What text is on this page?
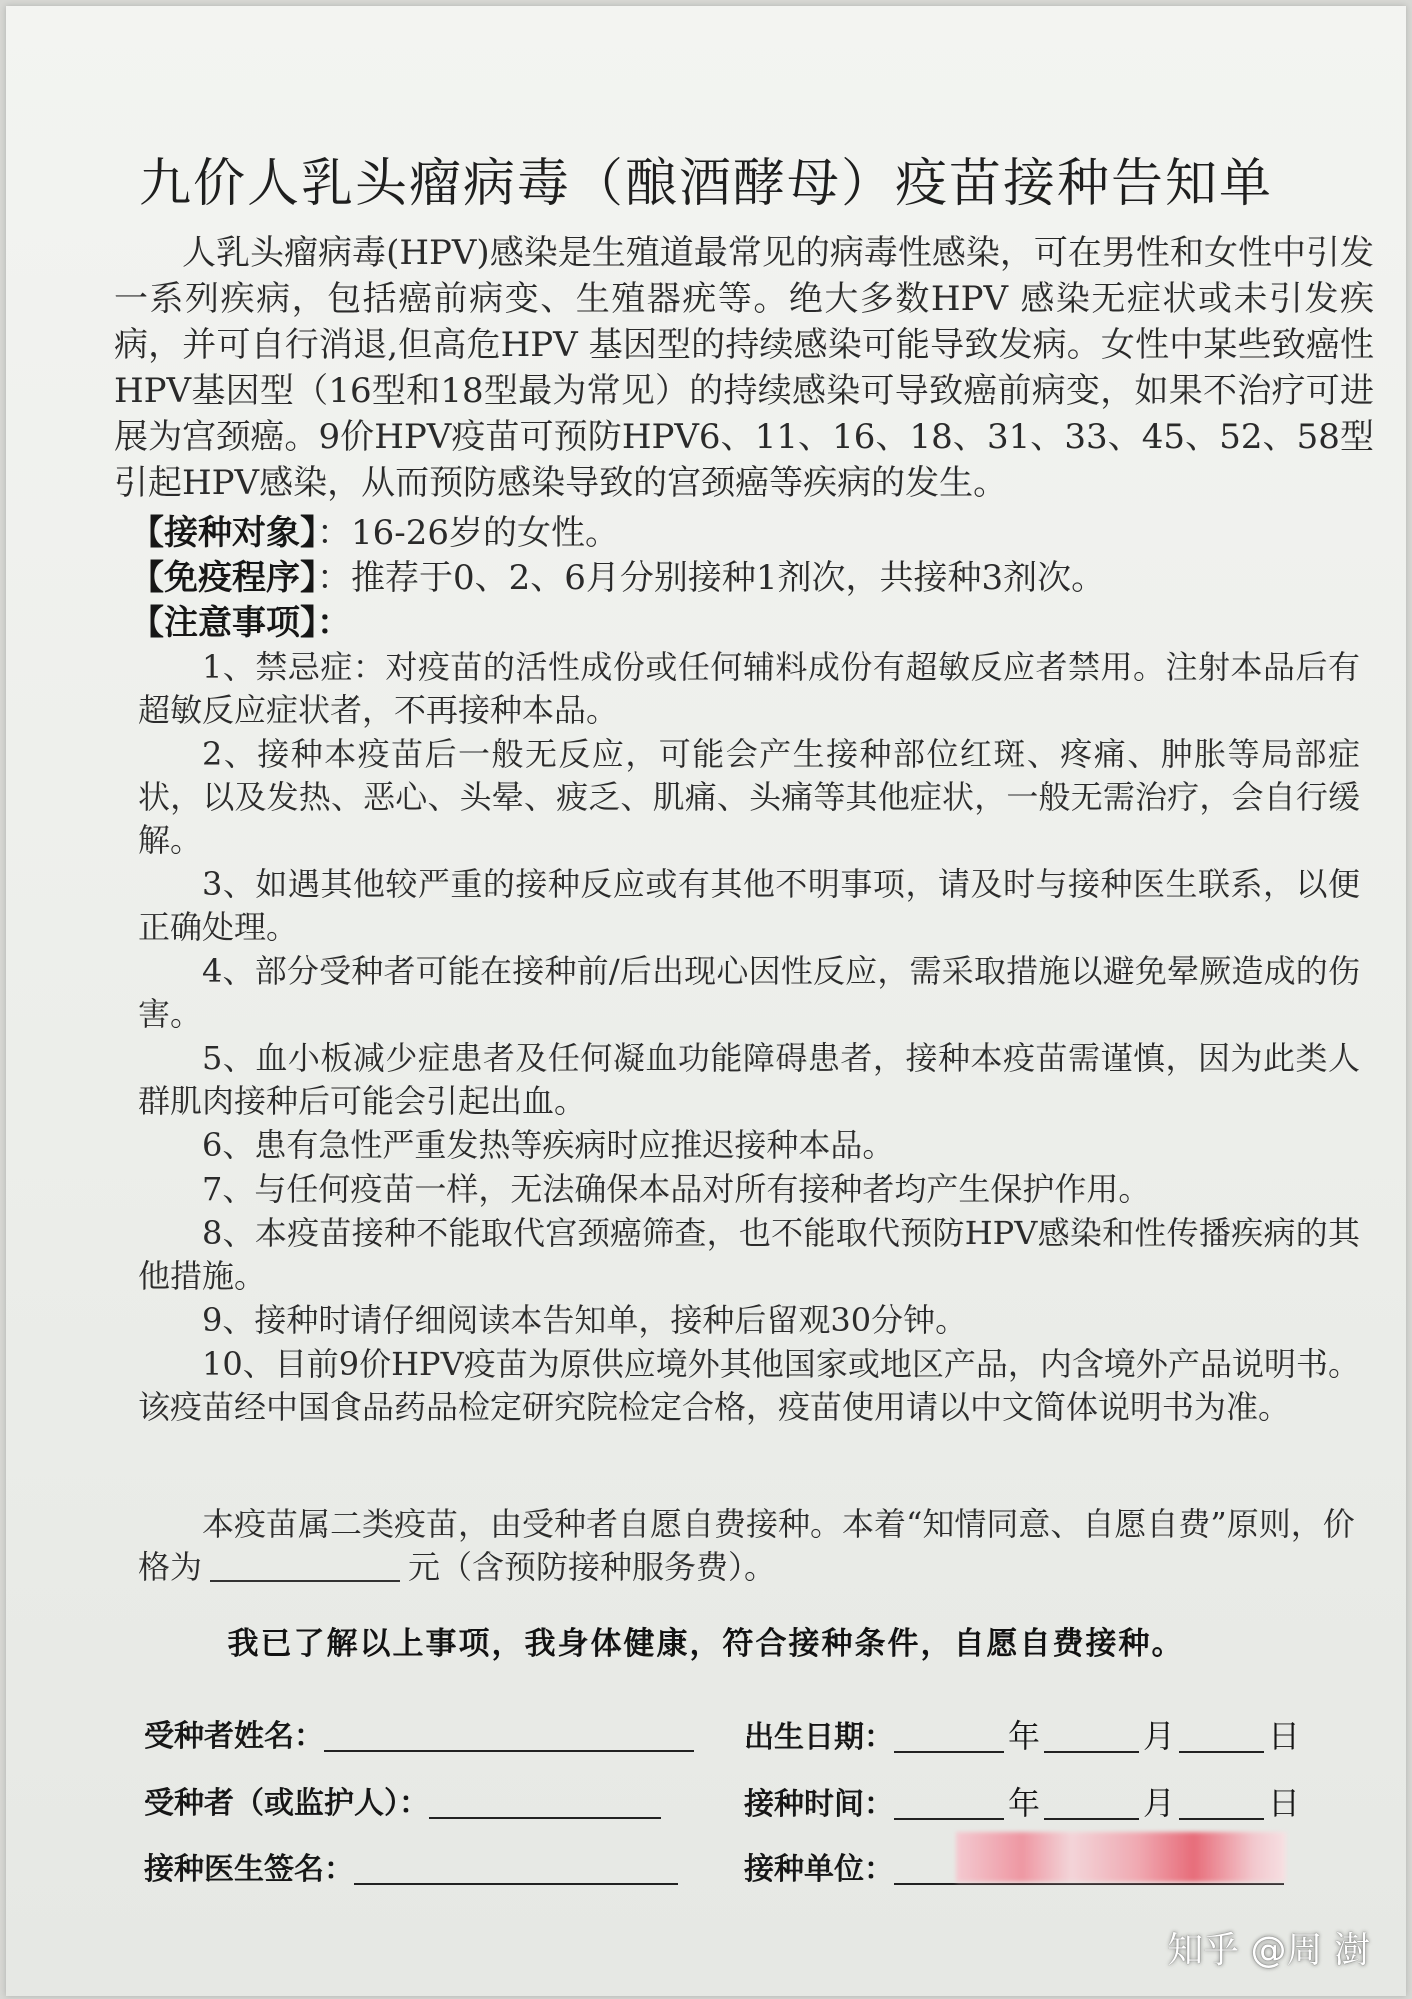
九价人乳头瘤病毒（酿酒酵母）疫苗接种告知单

人乳头瘤病毒(HPV)感染是生殖道最常见的病毒性感染，可在男性和女性中引发一系列疾病，包括癌前病变、生殖器疣等。绝大多数HPV 感染无症状或未引发疾病，并可自行消退,但高危HPV 基因型的持续感染可能导致发病。女性中某些致癌性HPV基因型（16型和18型最为常见）的持续感染可导致癌前病变，如果不治疗可进展为宫颈癌。9价HPV疫苗可预防HPV6、11、16、18、31、33、45、52、58型引起HPV感染，从而预防感染导致的宫颈癌等疾病的发生。

【接种对象】：16-26岁的女性。
【免疫程序】：推荐于0、2、6月分别接种1剂次，共接种3剂次。
【注意事项】：
1、禁忌症：对疫苗的活性成份或任何辅料成份有超敏反应者禁用。注射本品后有超敏反应症状者，不再接种本品。
2、接种本疫苗后一般无反应，可能会产生接种部位红斑、疼痛、肿胀等局部症状，以及发热、恶心、头晕、疲乏、肌痛、头痛等其他症状，一般无需治疗，会自行缓解。
3、如遇其他较严重的接种反应或有其他不明事项，请及时与接种医生联系，以便正确处理。
4、部分受种者可能在接种前/后出现心因性反应，需采取措施以避免晕厥造成的伤害。
5、血小板减少症患者及任何凝血功能障碍患者，接种本疫苗需谨慎，因为此类人群肌肉接种后可能会引起出血。
6、患有急性严重发热等疾病时应推迟接种本品。
7、与任何疫苗一样，无法确保本品对所有接种者均产生保护作用。
8、本疫苗接种不能取代宫颈癌筛查，也不能取代预防HPV感染和性传播疾病的其他措施。
9、接种时请仔细阅读本告知单，接种后留观30分钟。
10、目前9价HPV疫苗为原供应境外其他国家或地区产品，内含境外产品说明书。该疫苗经中国食品药品检定研究院检定合格，疫苗使用请以中文简体说明书为准。

本疫苗属二类疫苗，由受种者自愿自费接种。本着“知情同意、自愿自费”原则，价格为	元（含预防接种服务费）。

我已了解以上事项，我身体健康，符合接种条件，自愿自费接种。
受种者姓名：	出生日期：	年	月	日
受种者（或监护人）：	接种时间：	年	月	日
接种医生签名：	接种单位：
知乎 @周 澍
